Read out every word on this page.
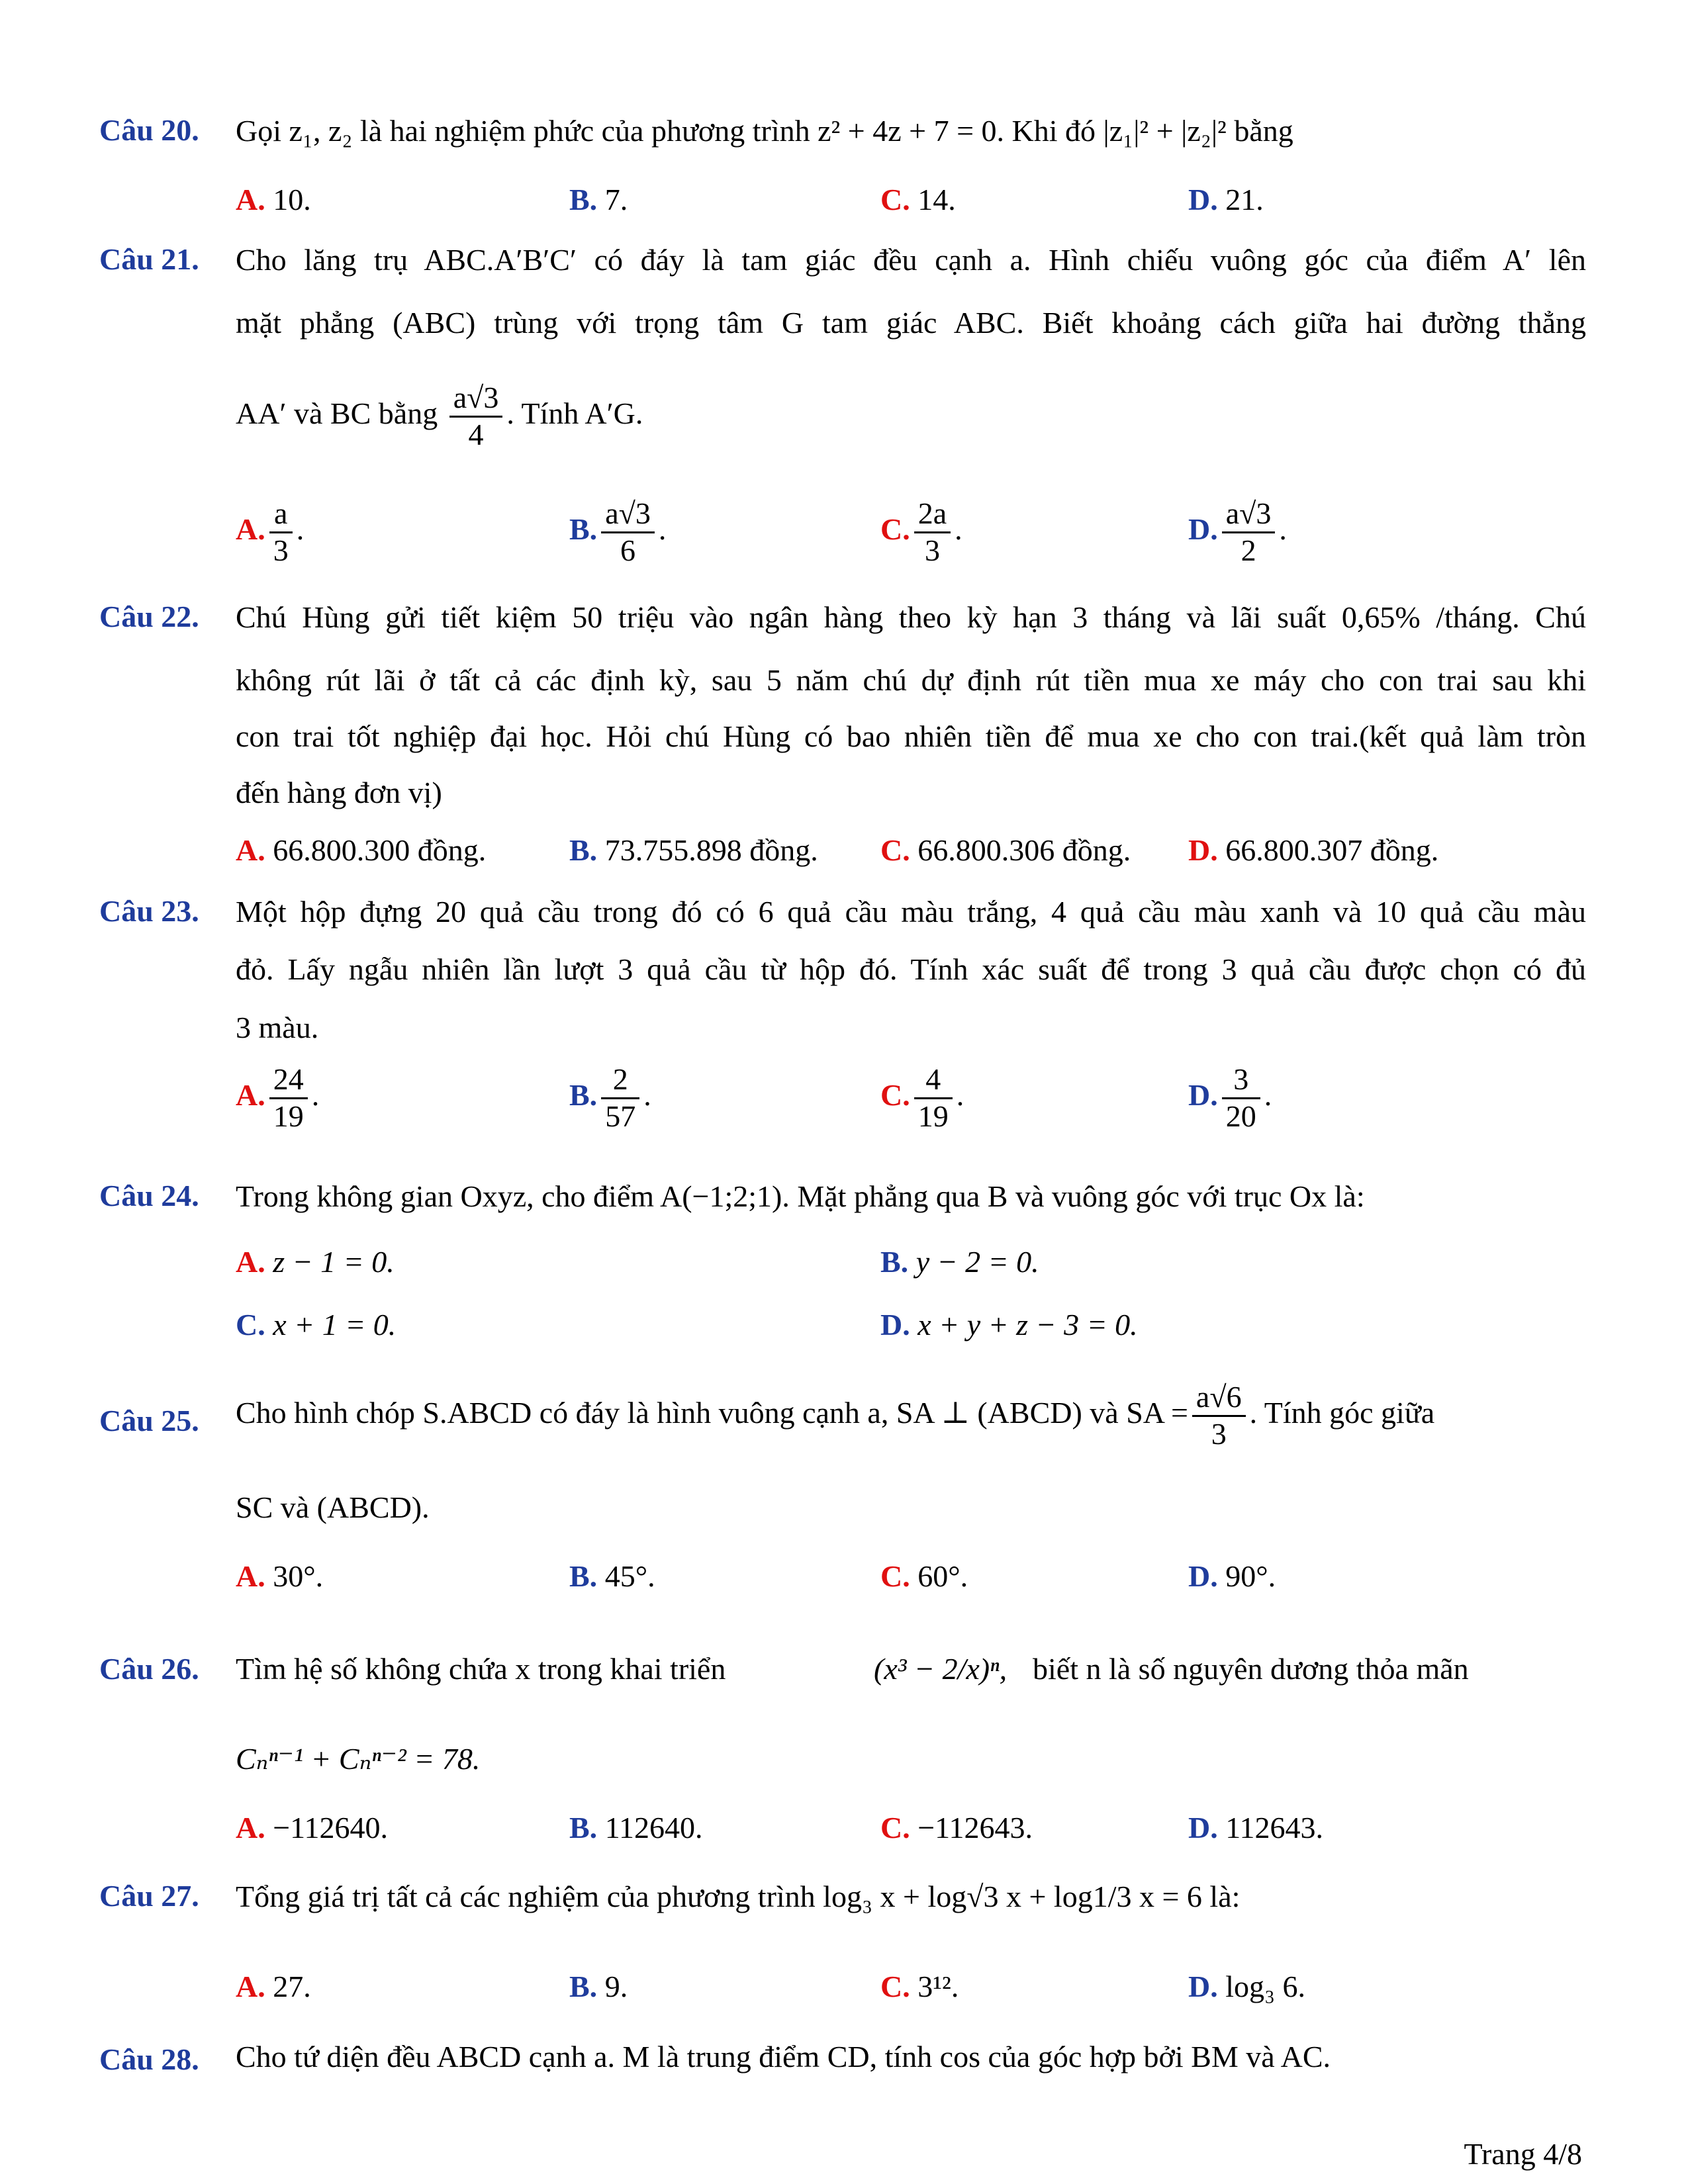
Câu 20. Gọi z₁, z₂ là hai nghiệm phức của phương trình z² + 4z + 7 = 0. Khi đó |z₁|² + |z₂|² bằng
A. 10.	B. 7.	C. 14.	D. 21.
Câu 21. Cho lăng trụ ABC.A′B′C′ có đáy là tam giác đều cạnh a. Hình chiếu vuông góc của điểm A′ lên
mặt phẳng (ABC) trùng với trọng tâm G tam giác ABC. Biết khoảng cách giữa hai đường thẳng
AA′ và BC bằng $\frac{a√3}{4}$ . Tính A′G.
A. $\frac{a}{3}$ .	B. $\frac{a√3}{6}$ .	C. $\frac{2a}{3}$ .	D. $\frac{a√3}{2}$ .
Câu 22. Chú Hùng gửi tiết kiệm 50 triệu vào ngân hàng theo kỳ hạn 3 tháng và lãi suất 0,65% /tháng. Chú
không rút lãi ở tất cả các định kỳ, sau 5 năm chú dự định rút tiền mua xe máy cho con trai sau khi
con trai tốt nghiệp đại học. Hỏi chú Hùng có bao nhiên tiền để mua xe cho con trai.(kết quả làm tròn
đến hàng đơn vị)
A. 66.800.300 đồng.	B. 73.755.898 đồng. C. 66.800.306 đồng. D. 66.800.307 đồng.
Câu 23. Một hộp đựng 20 quả cầu trong đó có 6 quả cầu màu trắng, 4 quả cầu màu xanh và 10 quả cầu màu
đỏ. Lấy ngẫu nhiên lần lượt 3 quả cầu từ hộp đó. Tính xác suất để trong 3 quả cầu được chọn có đủ
3 màu.
A. $\frac{24}{19}$ .	B. $\frac{2}{57}$ .	C. $\frac{4}{19}$ .	D. $\frac{3}{20}$ .
Câu 24. Trong không gian Oxyz, cho điểm A(−1;2;1). Mặt phẳng qua B và vuông góc với trục Ox là:
A. z − 1 = 0.	B. y − 2 = 0.
C. x + 1 = 0.	D. x + y + z − 3 = 0.
Câu 25. Cho hình chóp S.ABCD có đáy là hình vuông cạnh a, SA ⊥ (ABCD) và SA = $\frac{a√6}{3}$ . Tính góc giữa
SC và (ABCD).
A. 30°.	B. 45°.	C. 60°.	D. 90°.
Câu 26. Tìm hệ số không chứa x trong khai triển	(x³ − 2/x)ⁿ, biết n là số nguyên dương thỏa mãn
Cₙⁿ⁻¹ + Cₙⁿ⁻² = 78.
A. −112640.	B. 112640.	C. −112643.	D. 112643.
Câu 27. Tổng giá trị tất cả các nghiệm của phương trình log₃ x + log√3 x + log1/3 x = 6 là:
A. 27.	B. 9.	C. 3¹².	D. log₃ 6.
Câu 28. Cho tứ diện đều ABCD cạnh a. M là trung điểm CD, tính cos của góc hợp bởi BM và AC.
Trang 4/8
